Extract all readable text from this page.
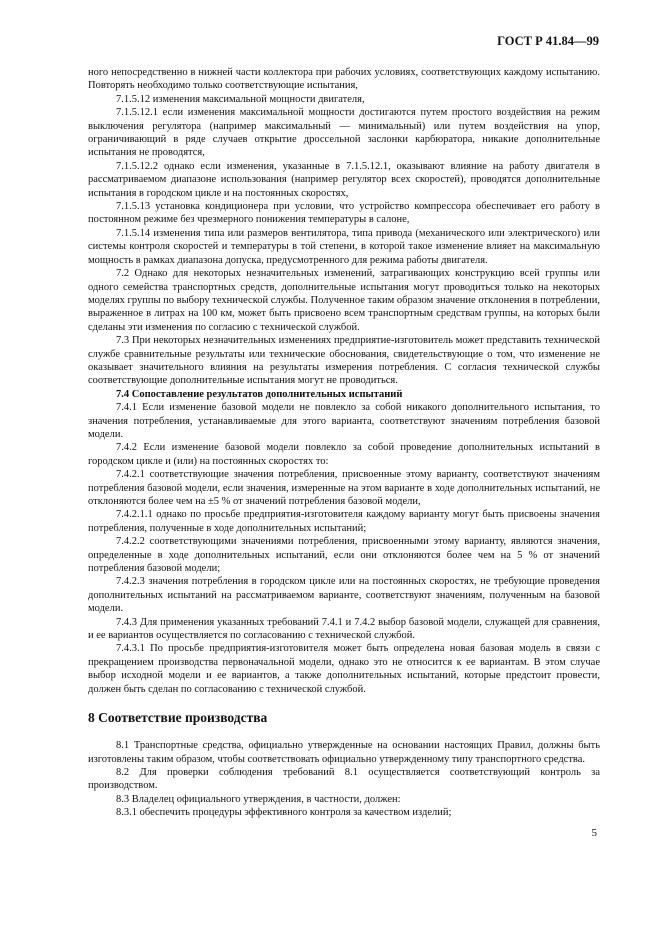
ГОСТ Р 41.84—99

ного непосредственно в нижней части коллектора при рабочих условиях, соответствующих каждому испытанию. Повторять необходимо только соответствующие испытания,

7.1.5.12 изменения максимальной мощности двигателя,

7.1.5.12.1 если изменения максимальной мощности достигаются путем простого воздействия на режим выключения регулятора (например максимальный — минимальный) или путем воздействия на упор, ограничивающий в ряде случаев открытие дроссельной заслонки карбюратора, никакие дополнительные испытания не проводятся,

7.1.5.12.2 однако если изменения, указанные в 7.1.5.12.1, оказывают влияние на работу двигателя в рассматриваемом диапазоне использования (например регулятор всех скоростей), проводятся дополнительные испытания в городском цикле и на постоянных скоростях,

7.1.5.13 установка кондиционера при условии, что устройство компрессора обеспечивает его работу в постоянном режиме без чрезмерного понижения температуры в салоне,

7.1.5.14 изменения типа или размеров вентилятора, типа привода (механического или электрического) или системы контроля скоростей и температуры в той степени, в которой такое изменение влияет на максимальную мощность в рамках диапазона допуска, предусмотренного для режима работы двигателя.

7.2 Однако для некоторых незначительных изменений, затрагивающих конструкцию всей группы или одного семейства транспортных средств, дополнительные испытания могут проводиться только на некоторых моделях группы по выбору технической службы. Полученное таким образом значение отклонения в потреблении, выраженное в литрах на 100 км, может быть присвоено всем транспортным средствам группы, на которых были сделаны эти изменения по согласию с технической службой.

7.3 При некоторых незначительных изменениях предприятие-изготовитель может представить технической службе сравнительные результаты или технические обоснования, свидетельствующие о том, что изменение не оказывает значительного влияния на результаты измерения потребления. С согласия технической службы соответствующие дополнительные испытания могут не проводиться.

7.4 Сопоставление результатов дополнительных испытаний

7.4.1 Если изменение базовой модели не повлекло за собой никакого дополнительного испытания, то значения потребления, устанавливаемые для этого варианта, соответствуют значениям потребления базовой модели.

7.4.2 Если изменение базовой модели повлекло за собой проведение дополнительных испытаний в городском цикле и (или) на постоянных скоростях то:

7.4.2.1 соответствующие значения потребления, присвоенные этому варианту, соответствуют значениям потребления базовой модели, если значения, измеренные на этом варианте в ходе дополнительных испытаний, не отклоняются более чем на ±5 % от значений потребления базовой модели,

7.4.2.1.1 однако по просьбе предприятия-изготовителя каждому варианту могут быть присвоены значения потребления, полученные в ходе дополнительных испытаний;

7.4.2.2 соответствующими значениями потребления, присвоенными этому варианту, являются значения, определенные в ходе дополнительных испытаний, если они отклоняются более чем на 5 % от значений потребления базовой модели;

7.4.2.3 значения потребления в городском цикле или на постоянных скоростях, не требующие проведения дополнительных испытаний на рассматриваемом варианте, соответствуют значениям, полученным на базовой модели.

7.4.3 Для применения указанных требований 7.4.1 и 7.4.2 выбор базовой модели, служащей для сравнения, и ее вариантов осуществляется по согласованию с технической службой.

7.4.3.1 По просьбе предприятия-изготовителя может быть определена новая базовая модель в связи с прекращением производства первоначальной модели, однако это не относится к ее вариантам. В этом случае выбор исходной модели и ее вариантов, а также дополнительных испытаний, которые предстоит провести, должен быть сделан по согласованию с технической службой.

8 Соответствие производства

8.1 Транспортные средства, официально утвержденные на основании настоящих Правил, должны быть изготовлены таким образом, чтобы соответствовать официально утвержденному типу транспортного средства.

8.2 Для проверки соблюдения требований 8.1 осуществляется соответствующий контроль за производством.

8.3 Владелец официального утверждения, в частности, должен:

8.3.1 обеспечить процедуры эффективного контроля за качеством изделий;

5
